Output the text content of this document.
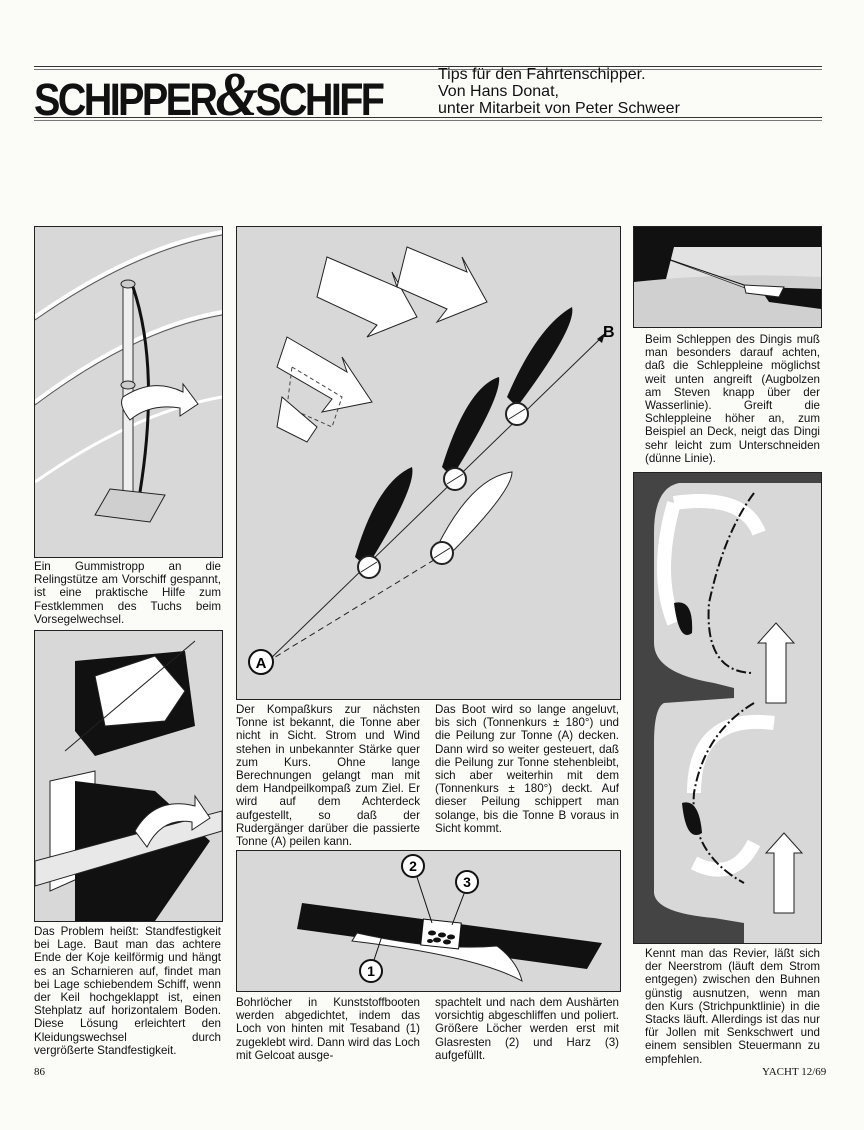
SCHIPPER&SCHIFF	Tips für den Fahrtenschipper.
Von Hans Donat,
unter Mitarbeit von Peter Schweer
Ein Gummistropp an die Relingstütze am Vorschiff gespannt, ist eine praktische Hilfe zum Festklemmen des Tuchs beim Vorsegelwechsel.
Das Problem heißt: Standfestigkeit bei Lage. Baut man das achtere Ende der Koje keilförmig und hängt es an Scharnieren auf, findet man bei Lage schiebendem Schiff, wenn der Keil hochgeklappt ist, einen Stehplatz auf horizontalem Boden. Diese Lösung erleichtert den Kleidungswechsel durch vergrößerte Standfestigkeit.
A
B
Der Kompaßkurs zur nächsten Tonne ist bekannt, die Tonne aber nicht in Sicht. Strom und Wind stehen in unbekannter Stärke quer zum Kurs. Ohne lange Berechnungen gelangt man mit dem Handpeilkompaß zum Ziel. Er wird auf dem Achterdeck aufgestellt, so daß der Rudergänger darüber die passierte Tonne (A) peilen kann.
Das Boot wird so lange angeluvt, bis sich (Tonnenkurs ± 180°) und die Peilung zur Tonne (A) decken. Dann wird so weiter gesteuert, daß die Peilung zur Tonne stehenbleibt, sich aber weiterhin mit dem (Tonnenkurs ± 180°) deckt. Auf dieser Peilung schippert man solange, bis die Tonne B voraus in Sicht kommt.
2
3
1
Bohrlöcher in Kunststoffbooten werden abgedichtet, indem das Loch von hinten mit Tesaband (1) zugeklebt wird. Dann wird das Loch mit Gelcoat ausge-
spachtelt und nach dem Aushärten vorsichtig abgeschliffen und poliert. Größere Löcher werden erst mit Glasresten (2) und Harz (3) aufgefüllt.
Beim Schleppen des Dingis muß man besonders darauf achten, daß die Schleppleine möglichst weit unten angreift (Augbolzen am Steven knapp über der Wasserlinie). Greift die Schleppleine höher an, zum Beispiel an Deck, neigt das Dingi sehr leicht zum Unterschneiden (dünne Linie).
Kennt man das Revier, läßt sich der Neerstrom (läuft dem Strom entgegen) zwischen den Buhnen günstig ausnutzen, wenn man den Kurs (Strichpunktlinie) in die Stacks läuft. Allerdings ist das nur für Jollen mit Senkschwert und einem sensiblen Steuermann zu empfehlen.
86	YACHT 12/69
